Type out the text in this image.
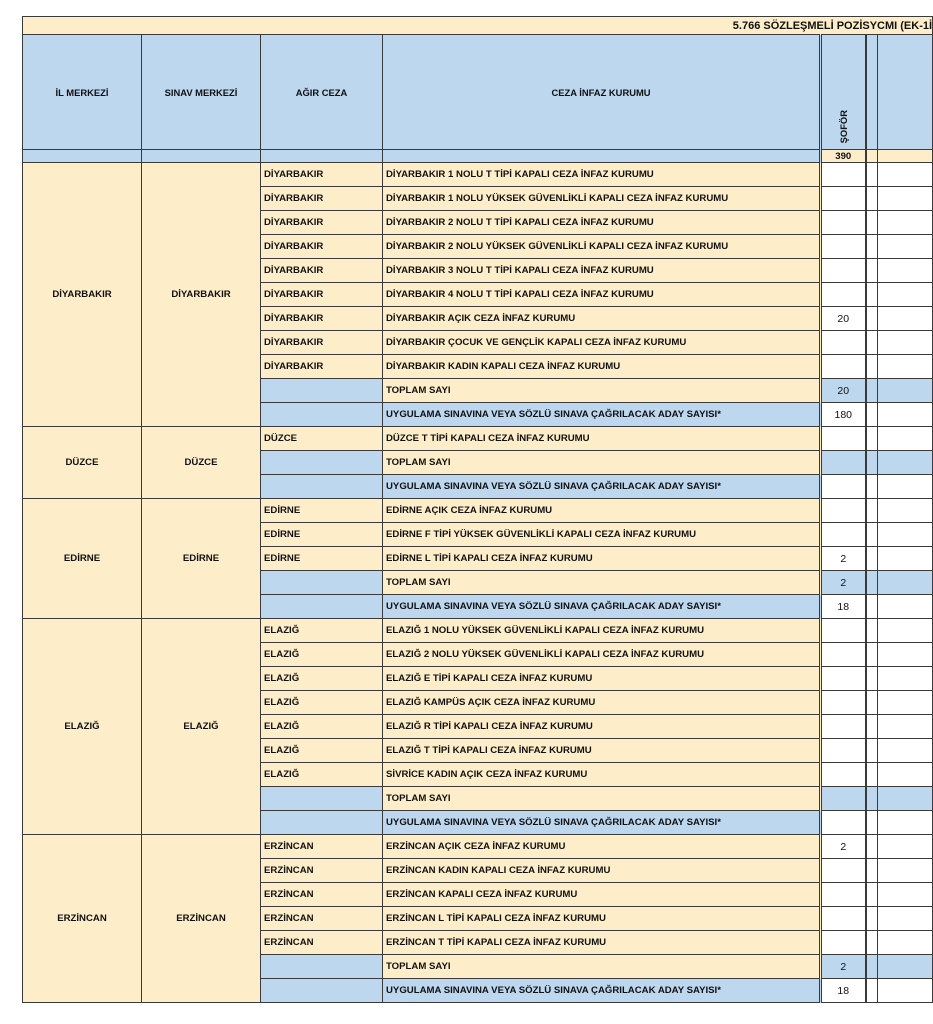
5.766 SÖZLEŞMELİ POZİSYCMI (EK-1İ						
İL MERKEZİ	SINAV MERKEZİ	AĞIR CEZA	CEZA İNFAZ KURUMU	ŞOFÖR		
				390		
DİYARBAKIR	DİYARBAKIR	DİYARBAKIR	DİYARBAKIR 1 NOLU T TİPİ KAPALI CEZA İNFAZ KURUMU			
		DİYARBAKIR	DİYARBAKIR 1 NOLU YÜKSEK GÜVENLİKLİ KAPALI CEZA İNFAZ KURUMU			
		DİYARBAKIR	DİYARBAKIR 2 NOLU T TİPİ KAPALI CEZA İNFAZ KURUMU			
		DİYARBAKIR	DİYARBAKIR 2 NOLU YÜKSEK GÜVENLİKLİ KAPALI CEZA İNFAZ KURUMU			
		DİYARBAKIR	DİYARBAKIR 3 NOLU T TİPİ KAPALI CEZA İNFAZ KURUMU			
		DİYARBAKIR	DİYARBAKIR 4 NOLU T TİPİ KAPALI CEZA İNFAZ KURUMU			
		DİYARBAKIR	DİYARBAKIR AÇIK CEZA İNFAZ KURUMU	20		
		DİYARBAKIR	DİYARBAKIR ÇOCUK VE GENÇLİK KAPALI CEZA İNFAZ KURUMU			
		DİYARBAKIR	DİYARBAKIR KADIN KAPALI CEZA İNFAZ KURUMU			
			TOPLAM SAYI	20		
			UYGULAMA SINAVINA VEYA SÖZLÜ SINAVA ÇAĞRILACAK ADAY SAYISI*	180		
DÜZCE	DÜZCE	DÜZCE	DÜZCE T TİPİ KAPALI CEZA İNFAZ KURUMU			
			TOPLAM SAYI			
			UYGULAMA SINAVINA VEYA SÖZLÜ SINAVA ÇAĞRILACAK ADAY SAYISI*			
EDİRNE	EDİRNE	EDİRNE	EDİRNE AÇIK CEZA İNFAZ KURUMU			
		EDİRNE	EDİRNE F TİPİ YÜKSEK GÜVENLİKLİ KAPALI CEZA İNFAZ KURUMU			
		EDİRNE	EDİRNE L TİPİ KAPALI CEZA İNFAZ KURUMU	2		
			TOPLAM SAYI	2		
			UYGULAMA SINAVINA VEYA SÖZLÜ SINAVA ÇAĞRILACAK ADAY SAYISI*	18		
ELAZIĞ	ELAZIĞ	ELAZIĞ	ELAZIĞ 1 NOLU YÜKSEK GÜVENLİKLİ KAPALI CEZA İNFAZ KURUMU			
		ELAZIĞ	ELAZIĞ 2 NOLU YÜKSEK GÜVENLİKLİ KAPALI CEZA İNFAZ KURUMU			
		ELAZIĞ	ELAZIĞ E TİPİ KAPALI CEZA İNFAZ KURUMU			
		ELAZIĞ	ELAZIĞ KAMPÜS AÇIK CEZA İNFAZ KURUMU			
		ELAZIĞ	ELAZIĞ R TİPİ KAPALI CEZA İNFAZ KURUMU			
		ELAZIĞ	ELAZIĞ T TİPİ KAPALI CEZA İNFAZ KURUMU			
		ELAZIĞ	SİVRİCE KADIN AÇIK CEZA İNFAZ KURUMU			
			TOPLAM SAYI			
			UYGULAMA SINAVINA VEYA SÖZLÜ SINAVA ÇAĞRILACAK ADAY SAYISI*			
ERZİNCAN	ERZİNCAN	ERZİNCAN	ERZİNCAN AÇIK CEZA İNFAZ KURUMU	2		
		ERZİNCAN	ERZİNCAN KADIN KAPALI CEZA İNFAZ KURUMU			
		ERZİNCAN	ERZİNCAN KAPALI CEZA İNFAZ KURUMU			
		ERZİNCAN	ERZİNCAN L TİPİ KAPALI CEZA İNFAZ KURUMU			
		ERZİNCAN	ERZİNCAN T TİPİ KAPALI CEZA İNFAZ KURUMU			
			TOPLAM SAYI	2		
			UYGULAMA SINAVINA VEYA SÖZLÜ SINAVA ÇAĞRILACAK ADAY SAYISI*	18		
